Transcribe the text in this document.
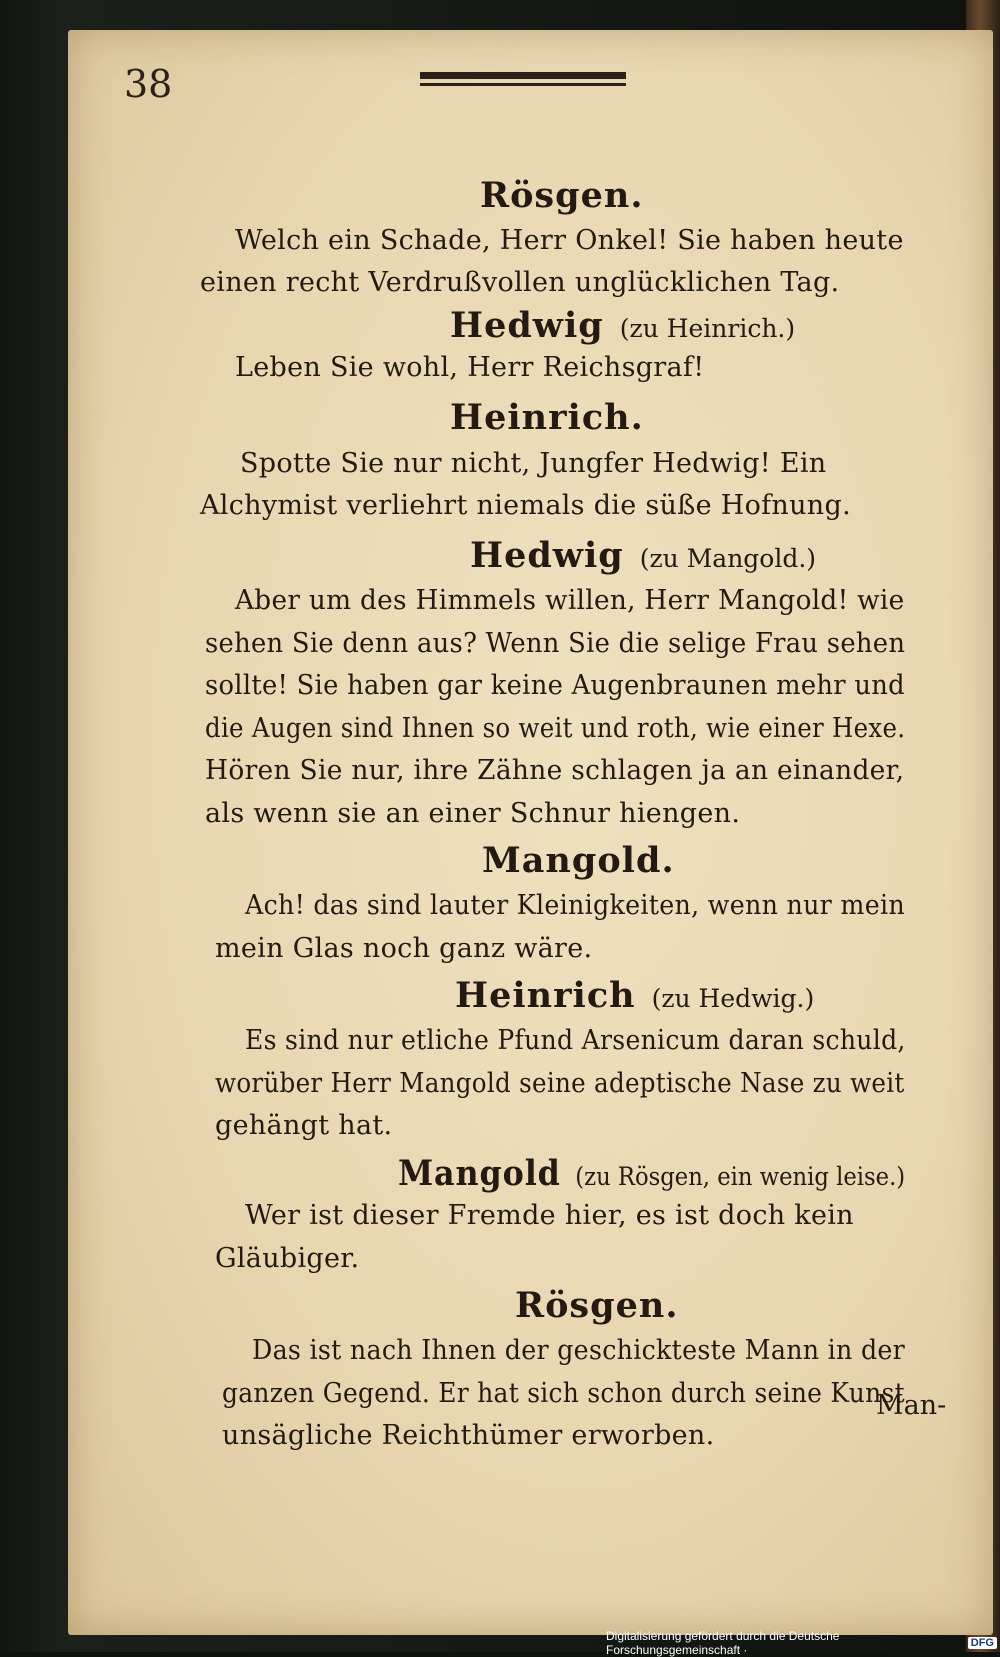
38
Rösgen.
Welch ein Schade, Herr Onkel! Sie haben heute
einen recht Verdrußvollen unglücklichen Tag.
Hedwig (zu Heinrich.)
Leben Sie wohl, Herr Reichsgraf!
Heinrich.
Spotte Sie nur nicht, Jungfer Hedwig! Ein
Alchymist verliehrt niemals die süße Hofnung.
Hedwig (zu Mangold.)
Aber um des Himmels willen, Herr Mangold! wie
sehen Sie denn aus? Wenn Sie die selige Frau sehen
sollte! Sie haben gar keine Augenbraunen mehr und
die Augen sind Ihnen so weit und roth, wie einer Hexe.
Hören Sie nur, ihre Zähne schlagen ja an einander,
als wenn sie an einer Schnur hiengen.
Mangold.
Ach! das sind lauter Kleinigkeiten, wenn nur mein
mein Glas noch ganz wäre.
Heinrich (zu Hedwig.)
Es sind nur etliche Pfund Arsenicum daran schuld,
worüber Herr Mangold seine adeptische Nase zu weit
gehängt hat.
Mangold (zu Rösgen, ein wenig leise.)
Wer ist dieser Fremde hier, es ist doch kein
Gläubiger.
Rösgen.
Das ist nach Ihnen der geschickteste Mann in der
ganzen Gegend. Er hat sich schon durch seine Kunst
unsägliche Reichthümer erworben.
Man-
Digitalisierung gefördert durch die Deutsche Forschungsgemeinschaft ·	DFG
